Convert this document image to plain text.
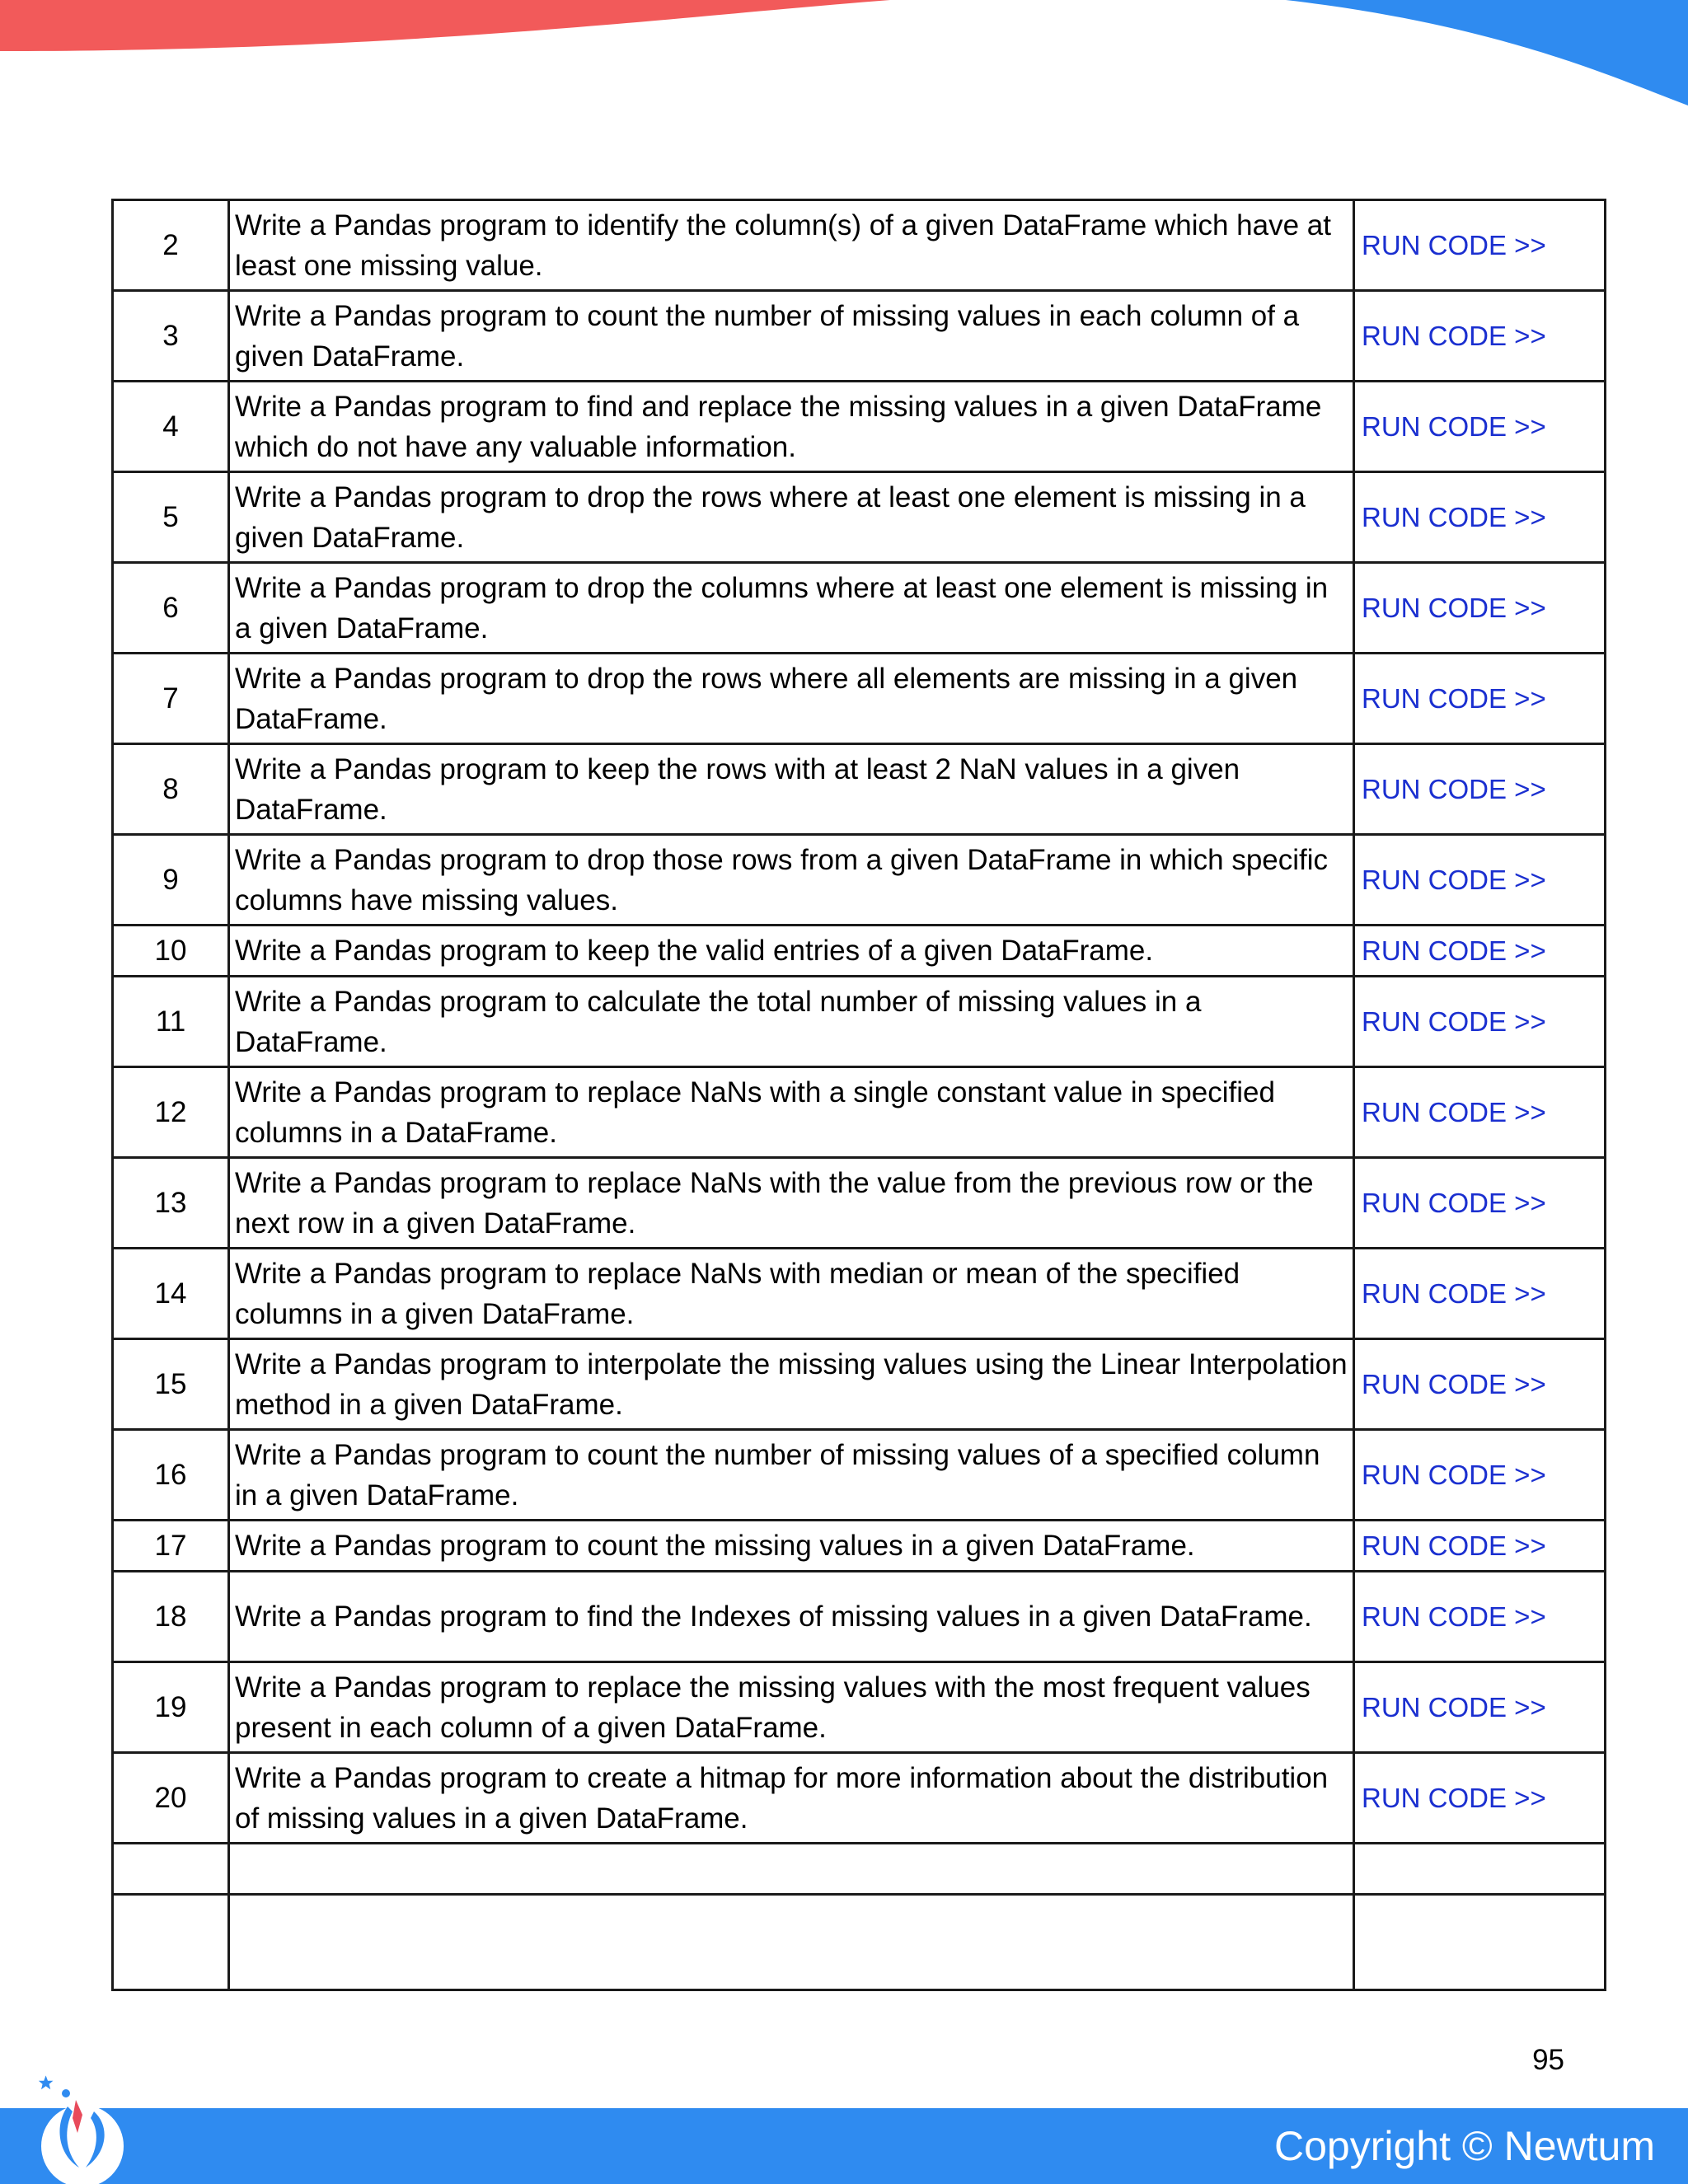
2	Write a Pandas program to identify the column(s) of a given DataFrame which have at least one missing value.	RUN CODE >>
3	Write a Pandas program to count the number of missing values in each column of a given DataFrame.	RUN CODE >>
4	Write a Pandas program to find and replace the missing values in a given DataFrame which do not have any valuable information.	RUN CODE >>
5	Write a Pandas program to drop the rows where at least one element is missing in a given DataFrame.	RUN CODE >>
6	Write a Pandas program to drop the columns where at least one element is missing in a given DataFrame.	RUN CODE >>
7	Write a Pandas program to drop the rows where all elements are missing in a given DataFrame.	RUN CODE >>
8	Write a Pandas program to keep the rows with at least 2 NaN values in a given DataFrame.	RUN CODE >>
9	Write a Pandas program to drop those rows from a given DataFrame in which specific columns have missing values.	RUN CODE >>
10	Write a Pandas program to keep the valid entries of a given DataFrame.	RUN CODE >>
11	Write a Pandas program to calculate the total number of missing values in a DataFrame.	RUN CODE >>
12	Write a Pandas program to replace NaNs with a single constant value in specified columns in a DataFrame.	RUN CODE >>
13	Write a Pandas program to replace NaNs with the value from the previous row or the next row in a given DataFrame.	RUN CODE >>
14	Write a Pandas program to replace NaNs with median or mean of the specified columns in a given DataFrame.	RUN CODE >>
15	Write a Pandas program to interpolate the missing values using the Linear Interpolation method in a given DataFrame.	RUN CODE >>
16	Write a Pandas program to count the number of missing values of a specified column in a given DataFrame.	RUN CODE >>
17	Write a Pandas program to count the missing values in a given DataFrame.	RUN CODE >>
18	Write a Pandas program to find the Indexes of missing values in a given DataFrame.	RUN CODE >>
19	Write a Pandas program to replace the missing values with the most frequent values present in each column of a given DataFrame.	RUN CODE >>
20	Write a Pandas program to create a hitmap for more information about the distribution of missing values in a given DataFrame.	RUN CODE >>

95
Copyright © Newtum
